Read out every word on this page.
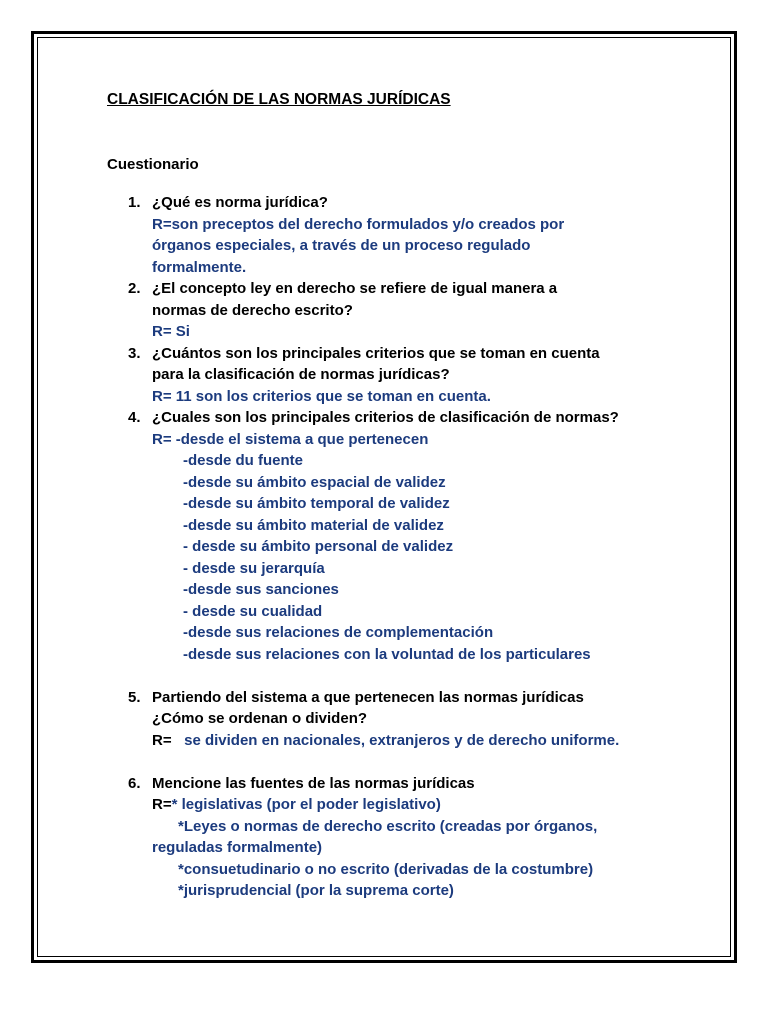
CLASIFICACIÓN DE LAS NORMAS JURÍDICAS

Cuestionario

1. ¿Qué es norma jurídica?
R=son preceptos del derecho formulados y/o creados por
órganos especiales, a través de un proceso regulado
formalmente.
2. ¿El concepto ley en derecho se refiere de igual manera a
normas de derecho escrito?
R= Si
3. ¿Cuántos son los principales criterios que se toman en cuenta
para la clasificación de normas jurídicas?
R= 11 son los criterios que se toman en cuenta.
4. ¿Cuales son los principales criterios de clasificación de normas?
R= -desde el sistema a que pertenecen
-desde du fuente
-desde su ámbito espacial de validez
-desde su ámbito temporal de validez
-desde su ámbito material de validez
- desde su ámbito personal de validez
- desde su jerarquía
-desde sus sanciones
- desde su cualidad
-desde sus relaciones de complementación
-desde sus relaciones con la voluntad de los particulares
5. Partiendo del sistema a que pertenecen las normas jurídicas
¿Cómo se ordenan o dividen?
R= se dividen en nacionales, extranjeros y de derecho uniforme.
6. Mencione las fuentes de las normas jurídicas
R=* legislativas (por el poder legislativo)
*Leyes o normas de derecho escrito (creadas por órganos,
reguladas formalmente)
*consuetudinario o no escrito (derivadas de la costumbre)
*jurisprudencial (por la suprema corte)
